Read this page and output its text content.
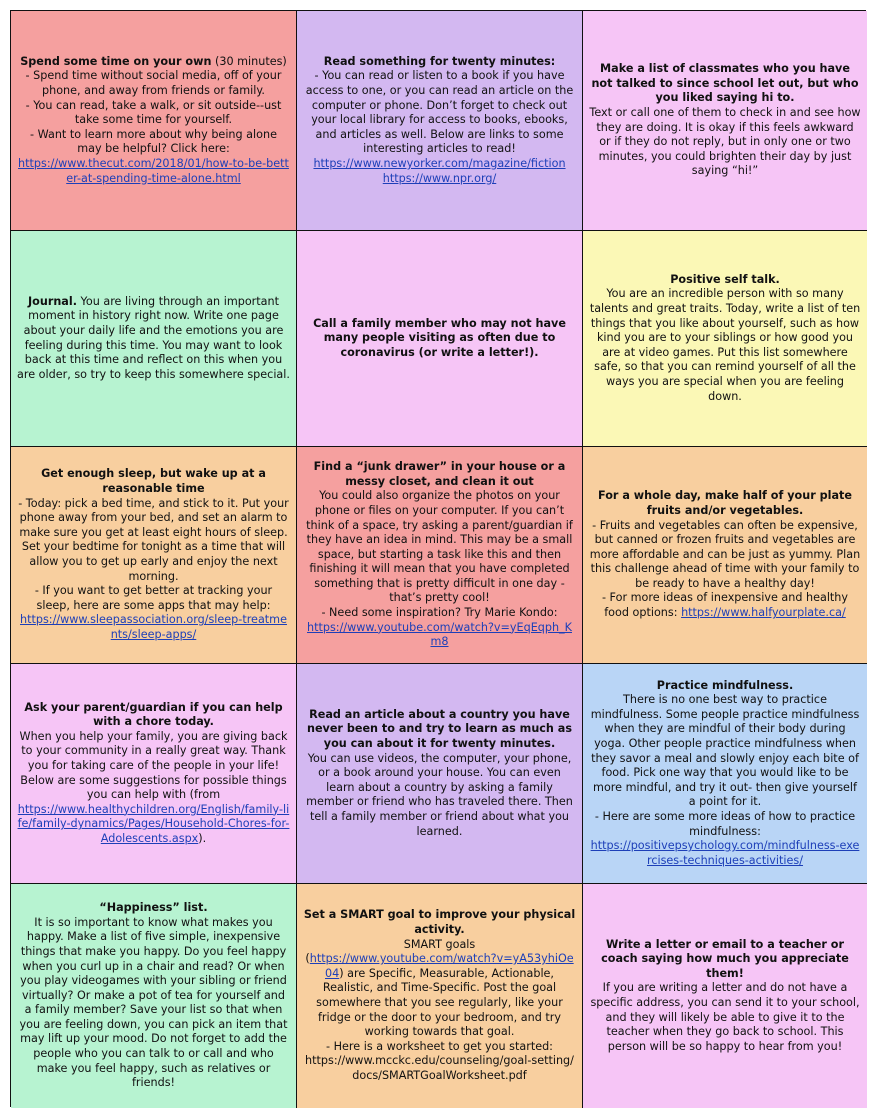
Spend some time on your own (30 minutes)

- Spend time without social media, off of your phone, and away from friends or family.

- You can read, take a walk, or sit outside--ust take some time for yourself.

- Want to learn more about why being alone may be helpful? Click here:

https://www.thecut.com/2018/01/how-to-be-better-at-spending-time-alone.html

Read something for twenty minutes:

- You can read or listen to a book if you have access to one, or you can read an article on the computer or phone. Don’t forget to check out your local library for access to books, ebooks, and articles as well. Below are links to some interesting articles to read!

https://www.newyorker.com/magazine/fiction

https://www.npr.org/

Make a list of classmates who you have not talked to since school let out, but who you liked saying hi to.

Text or call one of them to check in and see how they are doing. It is okay if this feels awkward or if they do not reply, but in only one or two minutes, you could brighten their day by just saying “hi!”

Journal. You are living through an important moment in history right now. Write one page about your daily life and the emotions you are feeling during this time. You may want to look back at this time and reflect on this when you are older, so try to keep this somewhere special.

Call a family member who may not have many people visiting as often due to coronavirus (or write a letter!).

Positive self talk.

You are an incredible person with so many talents and great traits. Today, write a list of ten things that you like about yourself, such as how kind you are to your siblings or how good you are at video games. Put this list somewhere safe, so that you can remind yourself of all the ways you are special when you are feeling down.

Get enough sleep, but wake up at a reasonable time

- Today: pick a bed time, and stick to it. Put your phone away from your bed, and set an alarm to make sure you get at least eight hours of sleep. Set your bedtime for tonight as a time that will allow you to get up early and enjoy the next morning.

- If you want to get better at tracking your sleep, here are some apps that may help:

https://www.sleepassociation.org/sleep-treatments/sleep-apps/

Find a “junk drawer” in your house or a messy closet, and clean it out

You could also organize the photos on your phone or files on your computer. If you can’t think of a space, try asking a parent/guardian if they have an idea in mind. This may be a small space, but starting a task like this and then finishing it will mean that you have completed something that is pretty difficult in one day - that’s pretty cool!

- Need some inspiration? Try Marie Kondo:

https://www.youtube.com/watch?v=yEqEqph_Km8

For a whole day, make half of your plate fruits and/or vegetables.

- Fruits and vegetables can often be expensive, but canned or frozen fruits and vegetables are more affordable and can be just as yummy. Plan this challenge ahead of time with your family to be ready to have a healthy day!

- For more ideas of inexpensive and healthy food options: https://www.halfyourplate.ca/

Ask your parent/guardian if you can help with a chore today.

When you help your family, you are giving back to your community in a really great way. Thank you for taking care of the people in your life! Below are some suggestions for possible things you can help with (from

https://www.healthychildren.org/English/family-life/family-dynamics/Pages/Household-Chores-for-Adolescents.aspx).

Read an article about a country you have never been to and try to learn as much as you can about it for twenty minutes.

You can use videos, the computer, your phone, or a book around your house. You can even learn about a country by asking a family member or friend who has traveled there. Then tell a family member or friend about what you learned.

Practice mindfulness.

There is no one best way to practice mindfulness. Some people practice mindfulness when they are mindful of their body during yoga. Other people practice mindfulness when they savor a meal and slowly enjoy each bite of food. Pick one way that you would like to be more mindful, and try it out- then give yourself a point for it.

- Here are some more ideas of how to practice mindfulness:

https://positivepsychology.com/mindfulness-exercises-techniques-activities/

“Happiness” list.

It is so important to know what makes you happy. Make a list of five simple, inexpensive things that make you happy. Do you feel happy when you curl up in a chair and read? Or when you play videogames with your sibling or friend virtually? Or make a pot of tea for yourself and a family member? Save your list so that when you are feeling down, you can pick an item that may lift up your mood. Do not forget to add the people who you can talk to or call and who make you feel happy, such as relatives or friends!

Set a SMART goal to improve your physical activity.

SMART goals

(https://www.youtube.com/watch?v=yA53yhiOe04) are Specific, Measurable, Actionable, Realistic, and Time-Specific. Post the goal somewhere that you see regularly, like your fridge or the door to your bedroom, and try working towards that goal.

- Here is a worksheet to get you started:

https://www.mcckc.edu/counseling/goal-setting/docs/SMARTGoalWorksheet.pdf

Write a letter or email to a teacher or coach saying how much you appreciate them!

If you are writing a letter and do not have a specific address, you can send it to your school, and they will likely be able to give it to the teacher when they go back to school. This person will be so happy to hear from you!
